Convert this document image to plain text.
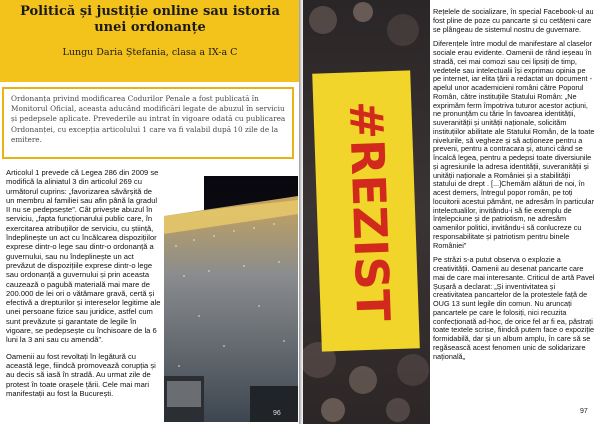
Politică și justiție online sau istoria unei ordonanțe
Lungu Daria Ștefania, clasa a IX-a C
Ordonanța privind modificarea Codurilor Penale a fost publicată în Monitorul Oficial, aceasta aducând modificări legate de abuzul în serviciu și pedepsele aplicate. Prevederile au intrat în vigoare odată cu publicarea Ordonanței, cu excepția articolului 1 care va fi valabil după 10 zile de la emitere.

Articolul 1 prevede că Legea 286 din 2009 se modifică la aliniatul 3 din articolul 269 cu următorul cuprins: „favorizarea săvârșită de un membru al familiei sau afin până la gradul II nu se pedepsește”. Cât privește abuzul în serviciu, „fapta funcționarului public care, în exercitarea atribuțiilor de serviciu, cu știință, îndeplinește un act cu încălcarea dispozițiilor exprese dintr-o lege sau dintr-o ordonanță a guvernului, sau nu îndeplinește un act prevăzut de dispozițiile exprese dintr-o lege sau ordonanță a guvernului și prin aceasta cauzează o pagubă materială mai mare de 200.000 de lei ori o vătămare gravă, certă și efectivă a drepturilor și intereselor legitime ale unei persoane fizice sau juridice, astfel cum sunt prevăzute și garantate de legile în vigoare, se pedepsește cu închisoare de la 6 luni la 3 ani sau cu amendă”.

Oamenii au fost revoltați în legătură cu această lege, fiindcă promovează corupția și au decis să iasă în stradă. Au urmat zile de protest în toate orașele țării. Cele mai mari manifestații au fost la București.

96
#REZIST

Rețelele de socializare, în special Facebook-ul au fost pline de poze cu pancarte și cu cetățeni care se plângeau de sistemul nostru de guvernare.

Diferențele între modul de manifestare al claselor sociale erau evidente. Oamenii de rând ieșeau în stradă, cei mai comozi sau cei lipsiți de timp, vedetele sau intelectualii își exprimau opinia pe pe internet, iar elita țării a redactat un document - apelul unor academicieni români către Poporul Român, către instituțiile Statului Român: „Ne exprimăm ferm împotriva tuturor acestor acțiuni, ne pronunțăm cu tărie în favoarea identității, suveranității și unității naționale, solicităm instituțiilor abilitate ale Statului Român, de la toate nivelurile, să vegheze și să acționeze pentru a preveni, pentru a contracara și, atunci când se încalcă legea, pentru a pedepsi toate diversiunile și agresiunile la adresa identității, suveranității și unității naționale a României și a stabilității statului de drept . [...]Chemăm alături de noi, în acest demers, întregul popor român, pe toți locuitorii acestui pământ, ne adresăm în particular intelectualilor, invitându-i să fie exemplu de înțelepciune și de patriotism, ne adresăm oamenilor politici, invitându-i să conlucreze cu responsabilitate și patriotism pentru binele României”

Pe străzi s-a putut observa o explozie a creativității. Oamenii au desenat pancarte care mai de care mai interesante. Criticul de artă Pavel Șușară a declarat: „Și inventivitatea și creativitatea pancartelor de la protestele față de OUG 13 sunt legile din comun. Nu aruncați pancartele pe care le folosiți, nici recuzita confecționată ad-hoc, de orice fel ar fi ea, păstrați toate textele scrise, fiindcă putem face o expoziție formidabilă, dar și un album amplu, în care să se regăsească acest fenomen unic de solidarizare națională„

97
